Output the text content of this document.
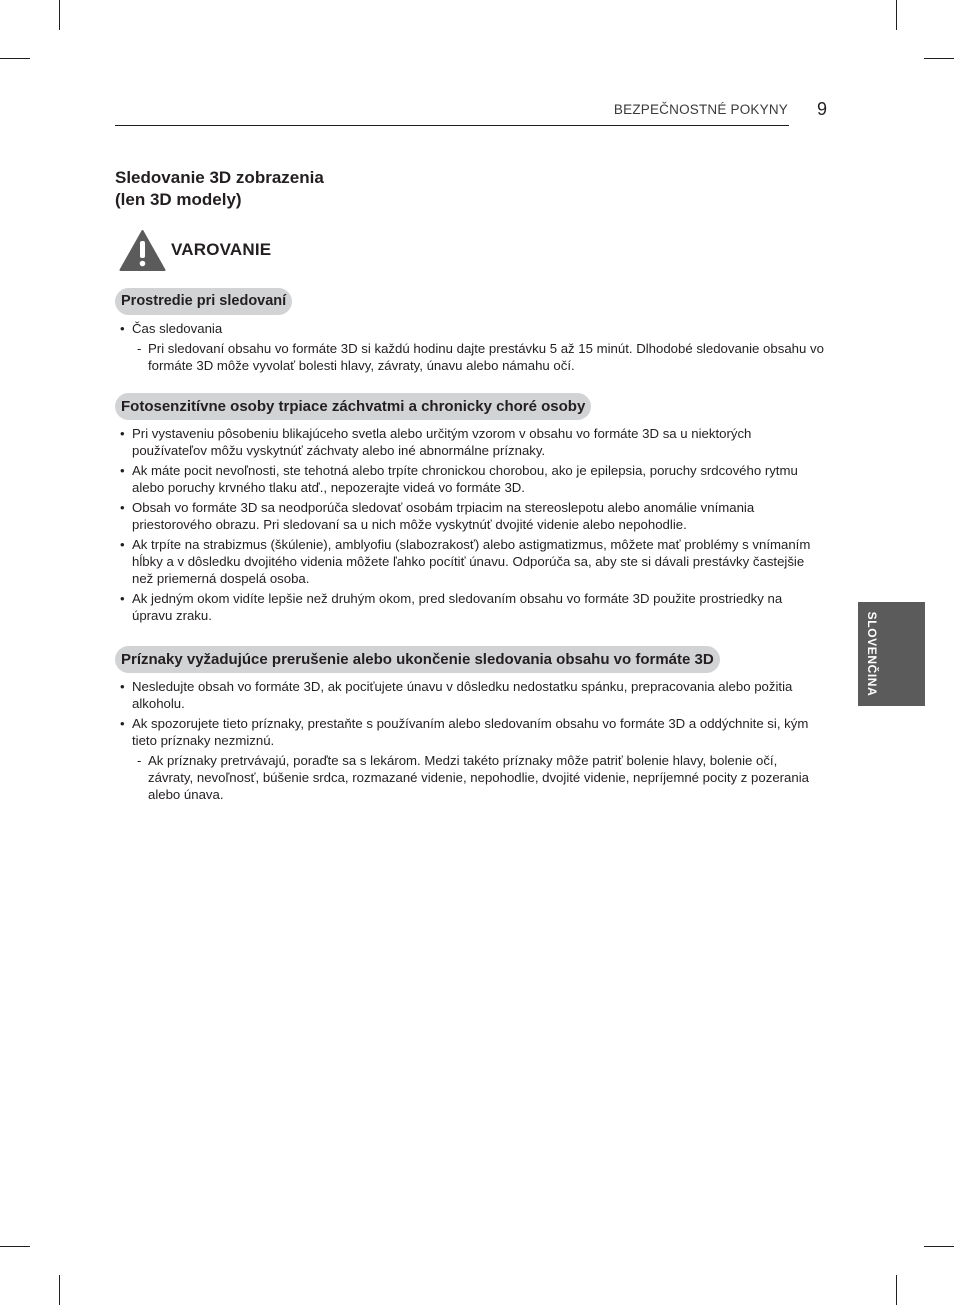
BEZPEČNOSTNÉ POKYNY 9
Sledovanie 3D zobrazenia
(len 3D modely)
VAROVANIE
Prostredie pri sledovaní
• Čas sledovania
- Pri sledovaní obsahu vo formáte 3D si každú hodinu dajte prestávku 5 až 15 minút. Dlhodobé sledovanie obsahu vo formáte 3D môže vyvolať bolesti hlavy, závraty, únavu alebo námahu očí.
Fotosenzitívne osoby trpiace záchvatmi a chronicky choré osoby
• Pri vystaveniu pôsobeniu blikajúceho svetla alebo určitým vzorom v obsahu vo formáte 3D sa u niektorých používateľov môžu vyskytnúť záchvaty alebo iné abnormálne príznaky.
• Ak máte pocit nevoľnosti, ste tehotná alebo trpíte chronickou chorobou, ako je epilepsia, poruchy srdcového rytmu alebo poruchy krvného tlaku atď., nepozerajte videá vo formáte 3D.
• Obsah vo formáte 3D sa neodporúča sledovať osobám trpiacim na stereoslepotu alebo anomálie vnímania priestorového obrazu. Pri sledovaní sa u nich môže vyskytnúť dvojité videnie alebo nepohodlie.
• Ak trpíte na strabizmus (škúlenie), amblyofiu (slabozrakosť) alebo astigmatizmus, môžete mať problémy s vnímaním hĺbky a v dôsledku dvojitého videnia môžete ľahko pocítiť únavu. Odporúča sa, aby ste si dávali prestávky častejšie než priemerná dospelá osoba.
• Ak jedným okom vidíte lepšie než druhým okom, pred sledovaním obsahu vo formáte 3D použite prostriedky na úpravu zraku.
Príznaky vyžadujúce prerušenie alebo ukončenie sledovania obsahu vo formáte 3D
• Nesledujte obsah vo formáte 3D, ak pociťujete únavu v dôsledku nedostatku spánku, prepracovania alebo požitia alkoholu.
• Ak spozorujete tieto príznaky, prestaňte s používaním alebo sledovaním obsahu vo formáte 3D a oddýchnite si, kým tieto príznaky nezmiznú.
- Ak príznaky pretrvávajú, poraďte sa s lekárom. Medzi takéto príznaky môže patriť bolenie hlavy, bolenie očí, závraty, nevoľnosť, búšenie srdca, rozmazané videnie, nepohodlie, dvojité videnie, nepríjemné pocity z pozerania alebo únava.
SLOVENČINA
